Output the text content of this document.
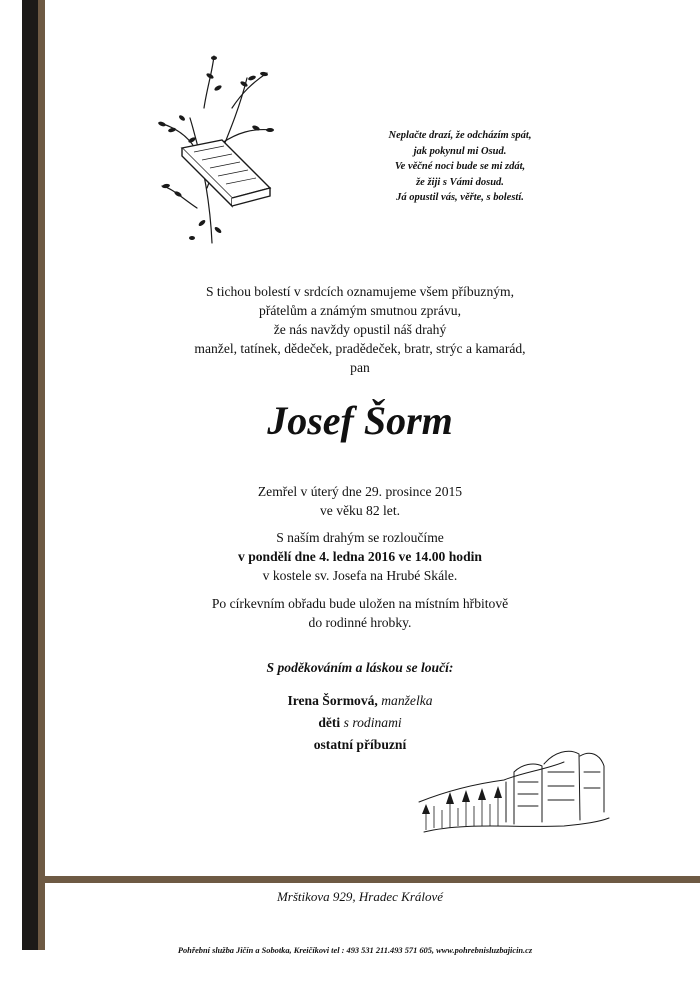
Neplačte drazí, že odcházím spát,
jak pokynul mi Osud.
Ve věčné noci bude se mi zdát,
že žiji s Vámi dosud.
Já opustil vás, věřte, s bolestí.
S tichou bolestí v srdcích oznamujeme všem příbuzným,
přátelům a známým smutnou zprávu,
že nás navždy opustil náš drahý
manžel, tatínek, dědeček, pradědeček, bratr, strýc a kamarád,
pan
Josef Šorm
Zemřel v úterý dne 29. prosince 2015
ve věku 82 let.
S naším drahým se rozloučíme
v pondělí dne 4. ledna 2016 ve 14.00 hodin
v kostele sv. Josefa na Hrubé Skále.
Po církevním obřadu bude uložen na místním hřbitově
do rodinné hrobky.
S poděkováním a láskou se loučí:
Irena Šormová, manželka
děti s rodinami
ostatní příbuzní
Mrštikova 929, Hradec Králové
Pohřební služba Jičín a Sobotka, Kreičíkovi tel : 493 531 211.493 571 605, www.pohrebnisluzbajicin.cz
